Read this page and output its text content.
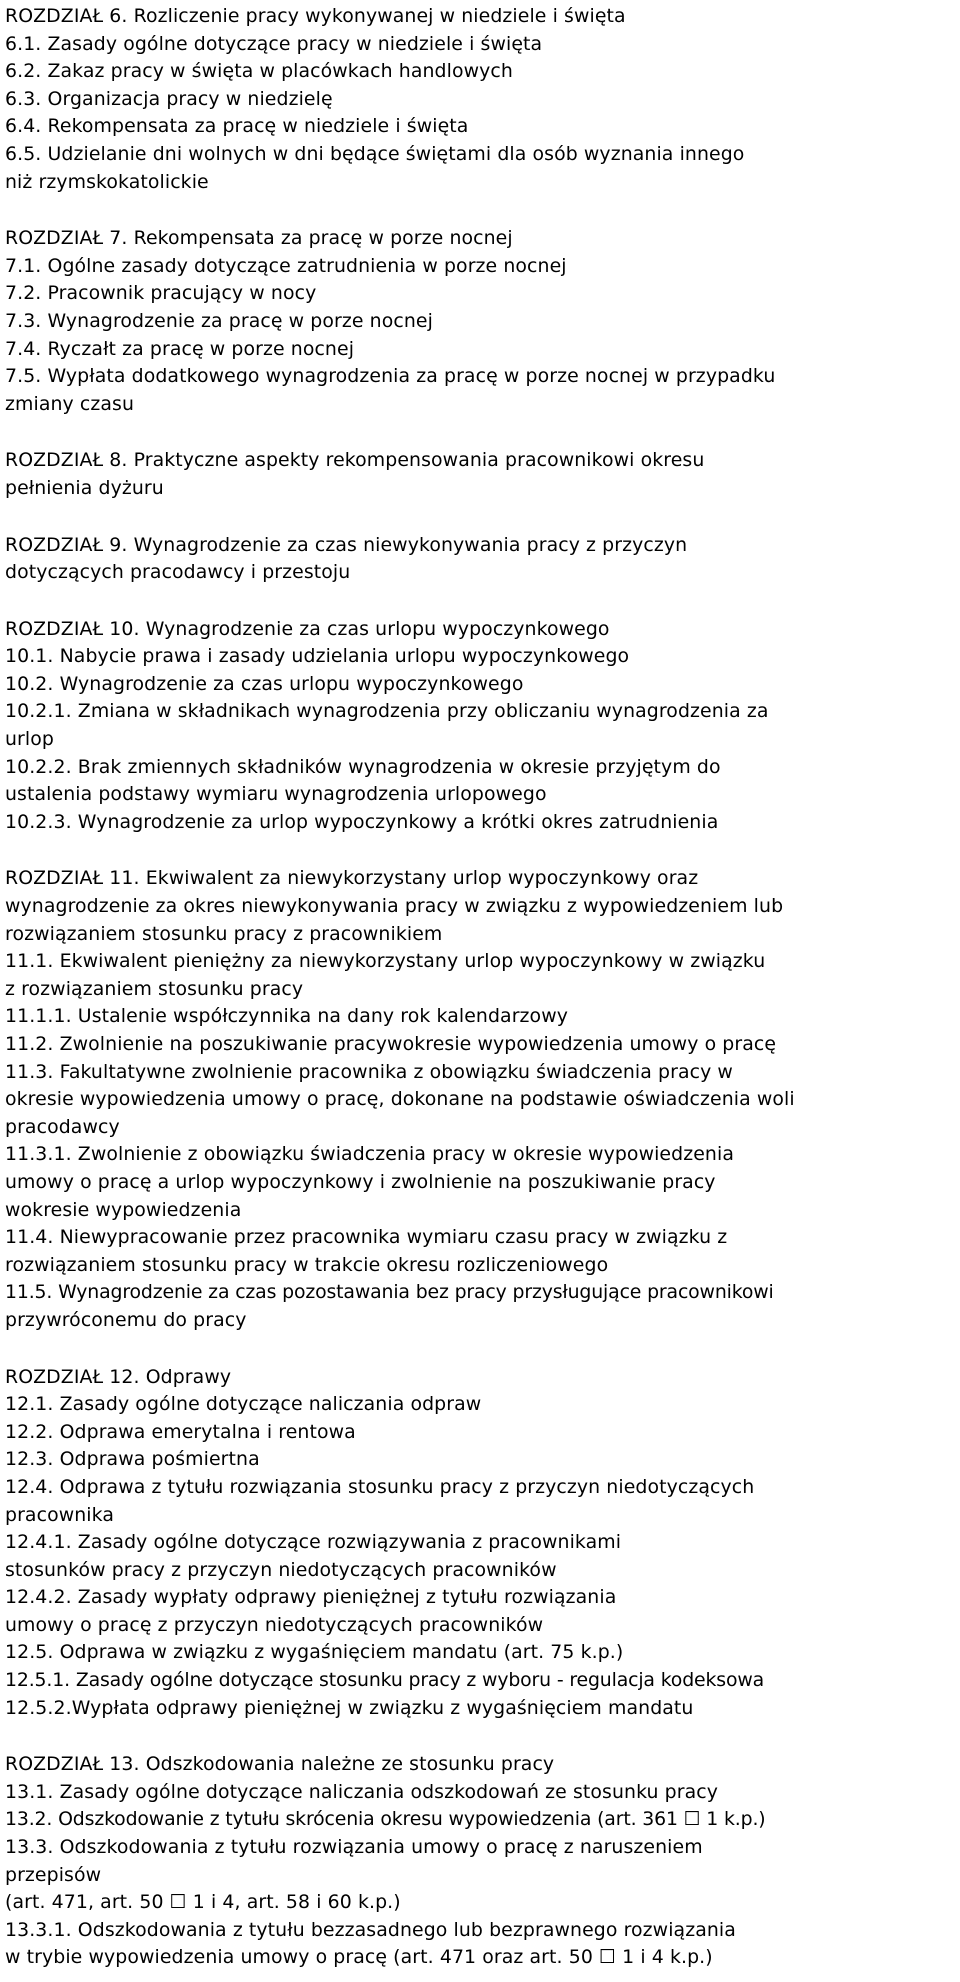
ROZDZIAŁ 6. Rozliczenie pracy wykonywanej w niedziele i święta
6.1. Zasady ogólne dotyczące pracy w niedziele i święta
6.2. Zakaz pracy w święta w placówkach handlowych
6.3. Organizacja pracy w niedzielę
6.4. Rekompensata za pracę w niedziele i święta
6.5. Udzielanie dni wolnych w dni będące świętami dla osób wyznania innego
niż rzymskokatolickie
ROZDZIAŁ 7. Rekompensata za pracę w porze nocnej
7.1. Ogólne zasady dotyczące zatrudnienia w porze nocnej
7.2. Pracownik pracujący w nocy
7.3. Wynagrodzenie za pracę w porze nocnej
7.4. Ryczałt za pracę w porze nocnej
7.5. Wypłata dodatkowego wynagrodzenia za pracę w porze nocnej w przypadku
zmiany czasu
ROZDZIAŁ 8. Praktyczne aspekty rekompensowania pracownikowi okresu
pełnienia dyżuru
ROZDZIAŁ 9. Wynagrodzenie za czas niewykonywania pracy z przyczyn
dotyczących pracodawcy i przestoju
ROZDZIAŁ 10. Wynagrodzenie za czas urlopu wypoczynkowego
10.1. Nabycie prawa i zasady udzielania urlopu wypoczynkowego
10.2. Wynagrodzenie za czas urlopu wypoczynkowego
10.2.1. Zmiana w składnikach wynagrodzenia przy obliczaniu wynagrodzenia za
urlop
10.2.2. Brak zmiennych składników wynagrodzenia w okresie przyjętym do
ustalenia podstawy wymiaru wynagrodzenia urlopowego
10.2.3. Wynagrodzenie za urlop wypoczynkowy a krótki okres zatrudnienia
ROZDZIAŁ 11. Ekwiwalent za niewykorzystany urlop wypoczynkowy oraz
wynagrodzenie za okres niewykonywania pracy w związku z wypowiedzeniem lub
rozwiązaniem stosunku pracy z pracownikiem
11.1. Ekwiwalent pieniężny za niewykorzystany urlop wypoczynkowy w związku
z rozwiązaniem stosunku pracy
11.1.1. Ustalenie współczynnika na dany rok kalendarzowy
11.2. Zwolnienie na poszukiwanie pracywokresie wypowiedzenia umowy o pracę
11.3. Fakultatywne zwolnienie pracownika z obowiązku świadczenia pracy w
okresie wypowiedzenia umowy o pracę, dokonane na podstawie oświadczenia woli
pracodawcy
11.3.1. Zwolnienie z obowiązku świadczenia pracy w okresie wypowiedzenia
umowy o pracę a urlop wypoczynkowy i zwolnienie na poszukiwanie pracy
wokresie wypowiedzenia
11.4. Niewypracowanie przez pracownika wymiaru czasu pracy w związku z
rozwiązaniem stosunku pracy w trakcie okresu rozliczeniowego
11.5. Wynagrodzenie za czas pozostawania bez pracy przysługujące pracownikowi
przywróconemu do pracy
ROZDZIAŁ 12. Odprawy
12.1. Zasady ogólne dotyczące naliczania odpraw
12.2. Odprawa emerytalna i rentowa
12.3. Odprawa pośmiertna
12.4. Odprawa z tytułu rozwiązania stosunku pracy z przyczyn niedotyczących
pracownika
12.4.1. Zasady ogólne dotyczące rozwiązywania z pracownikami
stosunków pracy z przyczyn niedotyczących pracowników
12.4.2. Zasady wypłaty odprawy pieniężnej z tytułu rozwiązania
umowy o pracę z przyczyn niedotyczących pracowników
12.5. Odprawa w związku z wygaśnięciem mandatu (art. 75 k.p.)
12.5.1. Zasady ogólne dotyczące stosunku pracy z wyboru - regulacja kodeksowa
12.5.2.Wypłata odprawy pieniężnej w związku z wygaśnięciem mandatu
ROZDZIAŁ 13. Odszkodowania należne ze stosunku pracy
13.1. Zasady ogólne dotyczące naliczania odszkodowań ze stosunku pracy
13.2. Odszkodowanie z tytułu skrócenia okresu wypowiedzenia (art. 361 ☐ 1 k.p.)
13.3. Odszkodowania z tytułu rozwiązania umowy o pracę z naruszeniem
przepisów
(art. 471, art. 50 ☐ 1 i 4, art. 58 i 60 k.p.)
13.3.1. Odszkodowania z tytułu bezzasadnego lub bezprawnego rozwiązania
w trybie wypowiedzenia umowy o pracę (art. 471 oraz art. 50 ☐ 1 i 4 k.p.)
